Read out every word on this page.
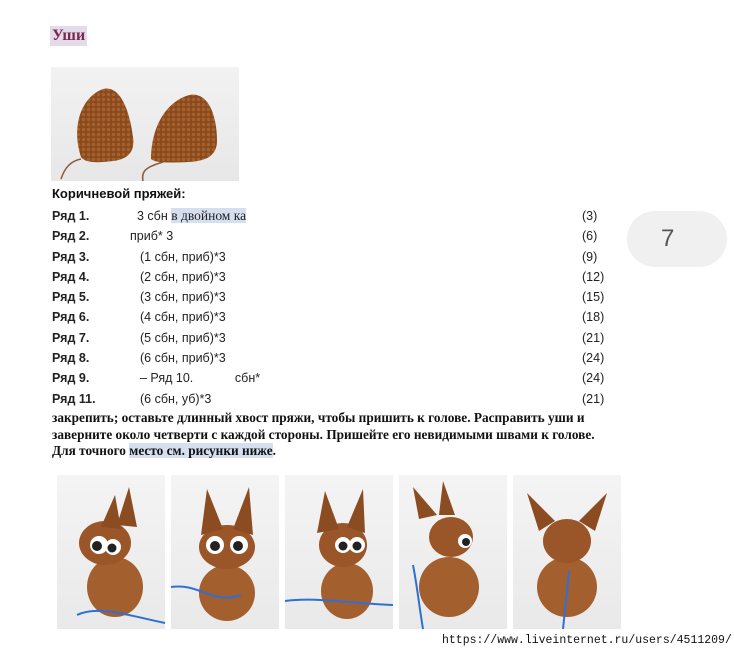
Уши
Коричневой пряжей:
Ряд 1.	3 сбн в двойном ка	(3)
Ряд 2.	приб* 3	(6)
Ряд 3.	(1 сбн, приб)*3	(9)
Ряд 4.	(2 сбн, приб)*3	(12)
Ряд 5.	(3 сбн, приб)*3	(15)
Ряд 6.	(4 сбн, приб)*3	(18)
Ряд 7.	(5 сбн, приб)*3	(21)
Ряд 8.	(6 сбн, приб)*3	(24)
Ряд 9.	– Ряд 10.            сбн*	(24)
Ряд 11.	(6 сбн, уб)*3	(21)
закрепить; оставьте длинный хвост пряжи, чтобы пришить к голове. Расправить уши и заверните около четверти с каждой стороны. Пришейте его невидимыми швами к голове. Для точного место см. рисунки ниже.
7
https://www.liveinternet.ru/users/4511209/
